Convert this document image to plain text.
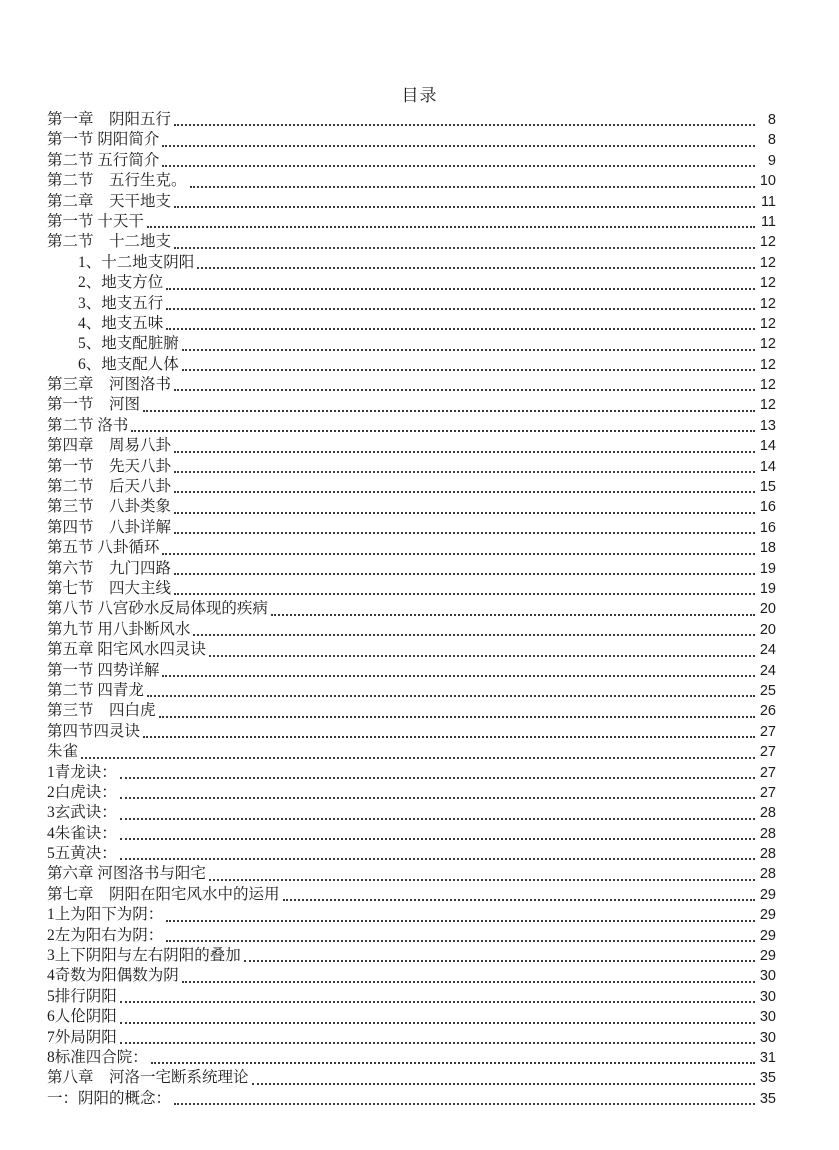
目录
第一章　阴阳五行	8
第一节 阴阳简介	8
第二节 五行简介	9
第二节　五行生克。	10
第二章　天干地支	11
第一节 十天干	11
第二节　十二地支	12
1、十二地支阴阳	12
2、地支方位	12
3、地支五行	12
4、地支五味	12
5、地支配脏腑	12
6、地支配人体	12
第三章　河图洛书	12
第一节　河图	12
第二节 洛书	13
第四章　周易八卦	14
第一节　先天八卦	14
第二节　后天八卦	15
第三节　八卦类象	16
第四节　八卦详解	16
第五节 八卦循环	18
第六节　九门四路	19
第七节　四大主线	19
第八节 八宫砂水反局体现的疾病	20
第九节 用八卦断风水	20
第五章 阳宅风水四灵诀	24
第一节 四势详解	24
第二节 四青龙	25
第三节　四白虎	26
第四节四灵诀	27
朱雀	27
1青龙诀：	27
2白虎诀：	27
3玄武诀：	28
4朱雀诀：	28
5五黄决：	28
第六章 河图洛书与阳宅	28
第七章　阴阳在阳宅风水中的运用	29
1上为阳下为阴：	29
2左为阳右为阴：	29
3上下阴阳与左右阴阳的叠加	29
4奇数为阳偶数为阴	30
5排行阴阳	30
6人伦阴阳	30
7外局阴阳	30
8标准四合院：	31
第八章　河洛一宅断系统理论	35
一：阴阳的概念：	35
